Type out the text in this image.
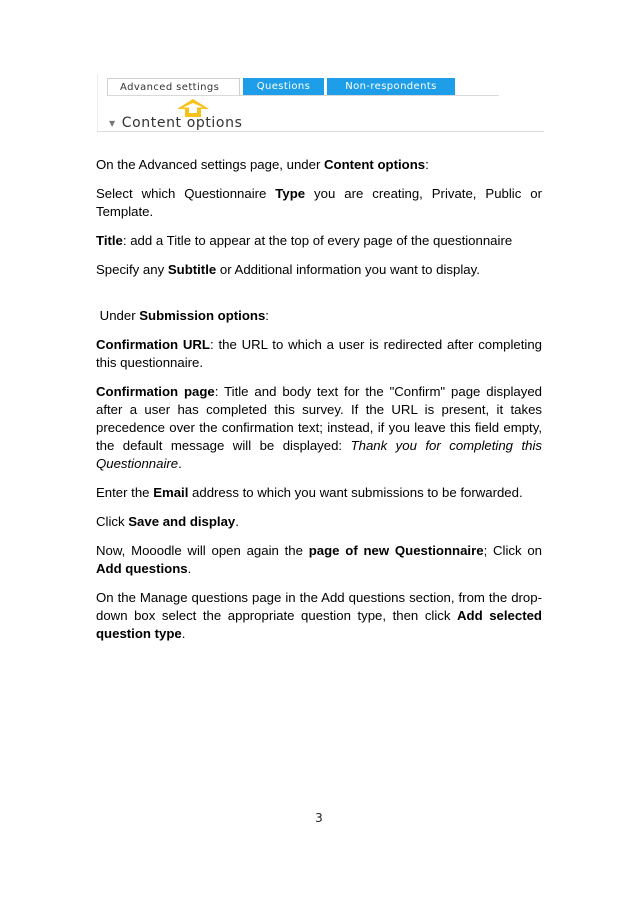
Advanced settings	Questions	Non-respondents
▼ Content options

On the Advanced settings page, under Content options:

Select which Questionnaire Type you are creating, Private, Public or Template.

Title: add a Title to appear at the top of every page of the questionnaire

Specify any Subtitle or Additional information you want to display.

Under Submission options:

Confirmation URL: the URL to which a user is redirected after completing this questionnaire.

Confirmation page: Title and body text for the "Confirm" page displayed after a user has completed this survey. If the URL is present, it takes precedence over the confirmation text; instead, if you leave this field empty, the default message will be displayed: Thank you for completing this Questionnaire.

Enter the Email address to which you want submissions to be forwarded.

Click Save and display.

Now, Mooodle will open again the page of new Questionnaire; Click on Add questions.

On the Manage questions page in the Add questions section, from the drop-down box select the appropriate question type, then click Add selected question type.

3
